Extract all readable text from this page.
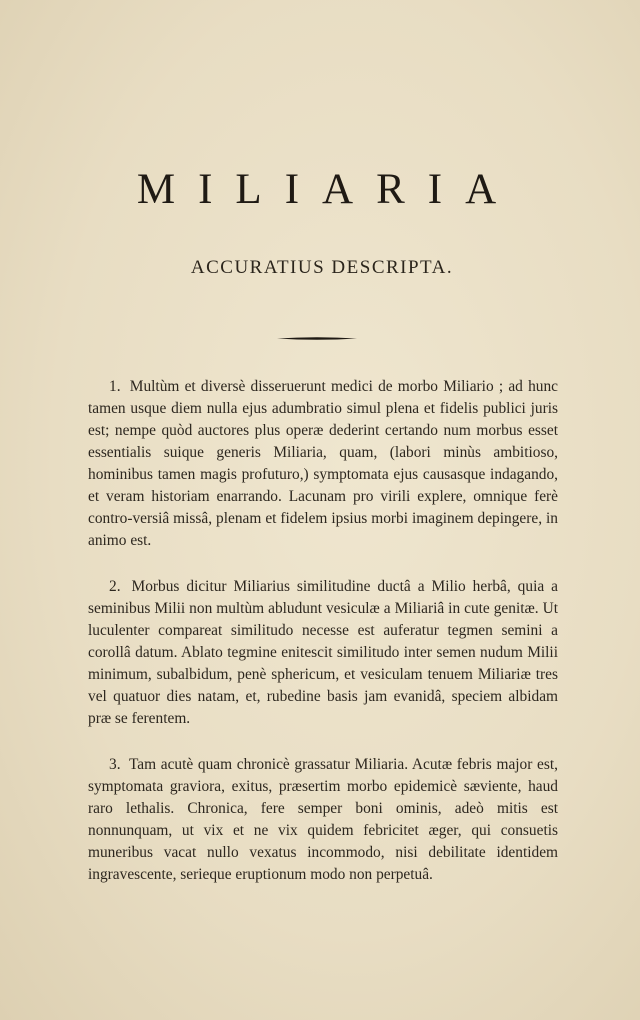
MILIARIA
ACCURATIUS DESCRIPTA.

1. Multùm et diversè disseruerunt medici de morbo Miliario ; ad hunc tamen usque diem nulla ejus adumbratio simul plena et fidelis publici juris est; nempe quòd auctores plus operæ dederint certando num morbus esset essentialis suique generis Miliaria, quam, (labori minùs ambitioso, hominibus tamen magis profuturo,) symptomata ejus causasque indagando, et veram historiam enarrando. Lacunam pro virili explere, omnique ferè contro-versiâ missâ, plenam et fidelem ipsius morbi imaginem depingere, in animo est.

2. Morbus dicitur Miliarius similitudine ductâ a Milio herbâ, quia a seminibus Milii non multùm abludunt vesiculæ a Miliariâ in cute genitæ. Ut luculenter compareat similitudo necesse est auferatur tegmen semini a corollâ datum. Ablato tegmine enitescit similitudo inter semen nudum Milii minimum, subalbidum, penè sphericum, et vesiculam tenuem Miliariæ tres vel quatuor dies natam, et, rubedine basis jam evanidâ, speciem albidam præ se ferentem.

3. Tam acutè quam chronicè grassatur Miliaria. Acutæ febris major est, symptomata graviora, exitus, præsertim morbo epidemicè sæviente, haud raro lethalis. Chronica, fere semper boni ominis, adeò mitis est nonnunquam, ut vix et ne vix quidem febricitet æger, qui consuetis muneribus vacat nullo vexatus incommodo, nisi debilitate identidem ingravescente, serieque eruptionum modo non perpetuâ.
